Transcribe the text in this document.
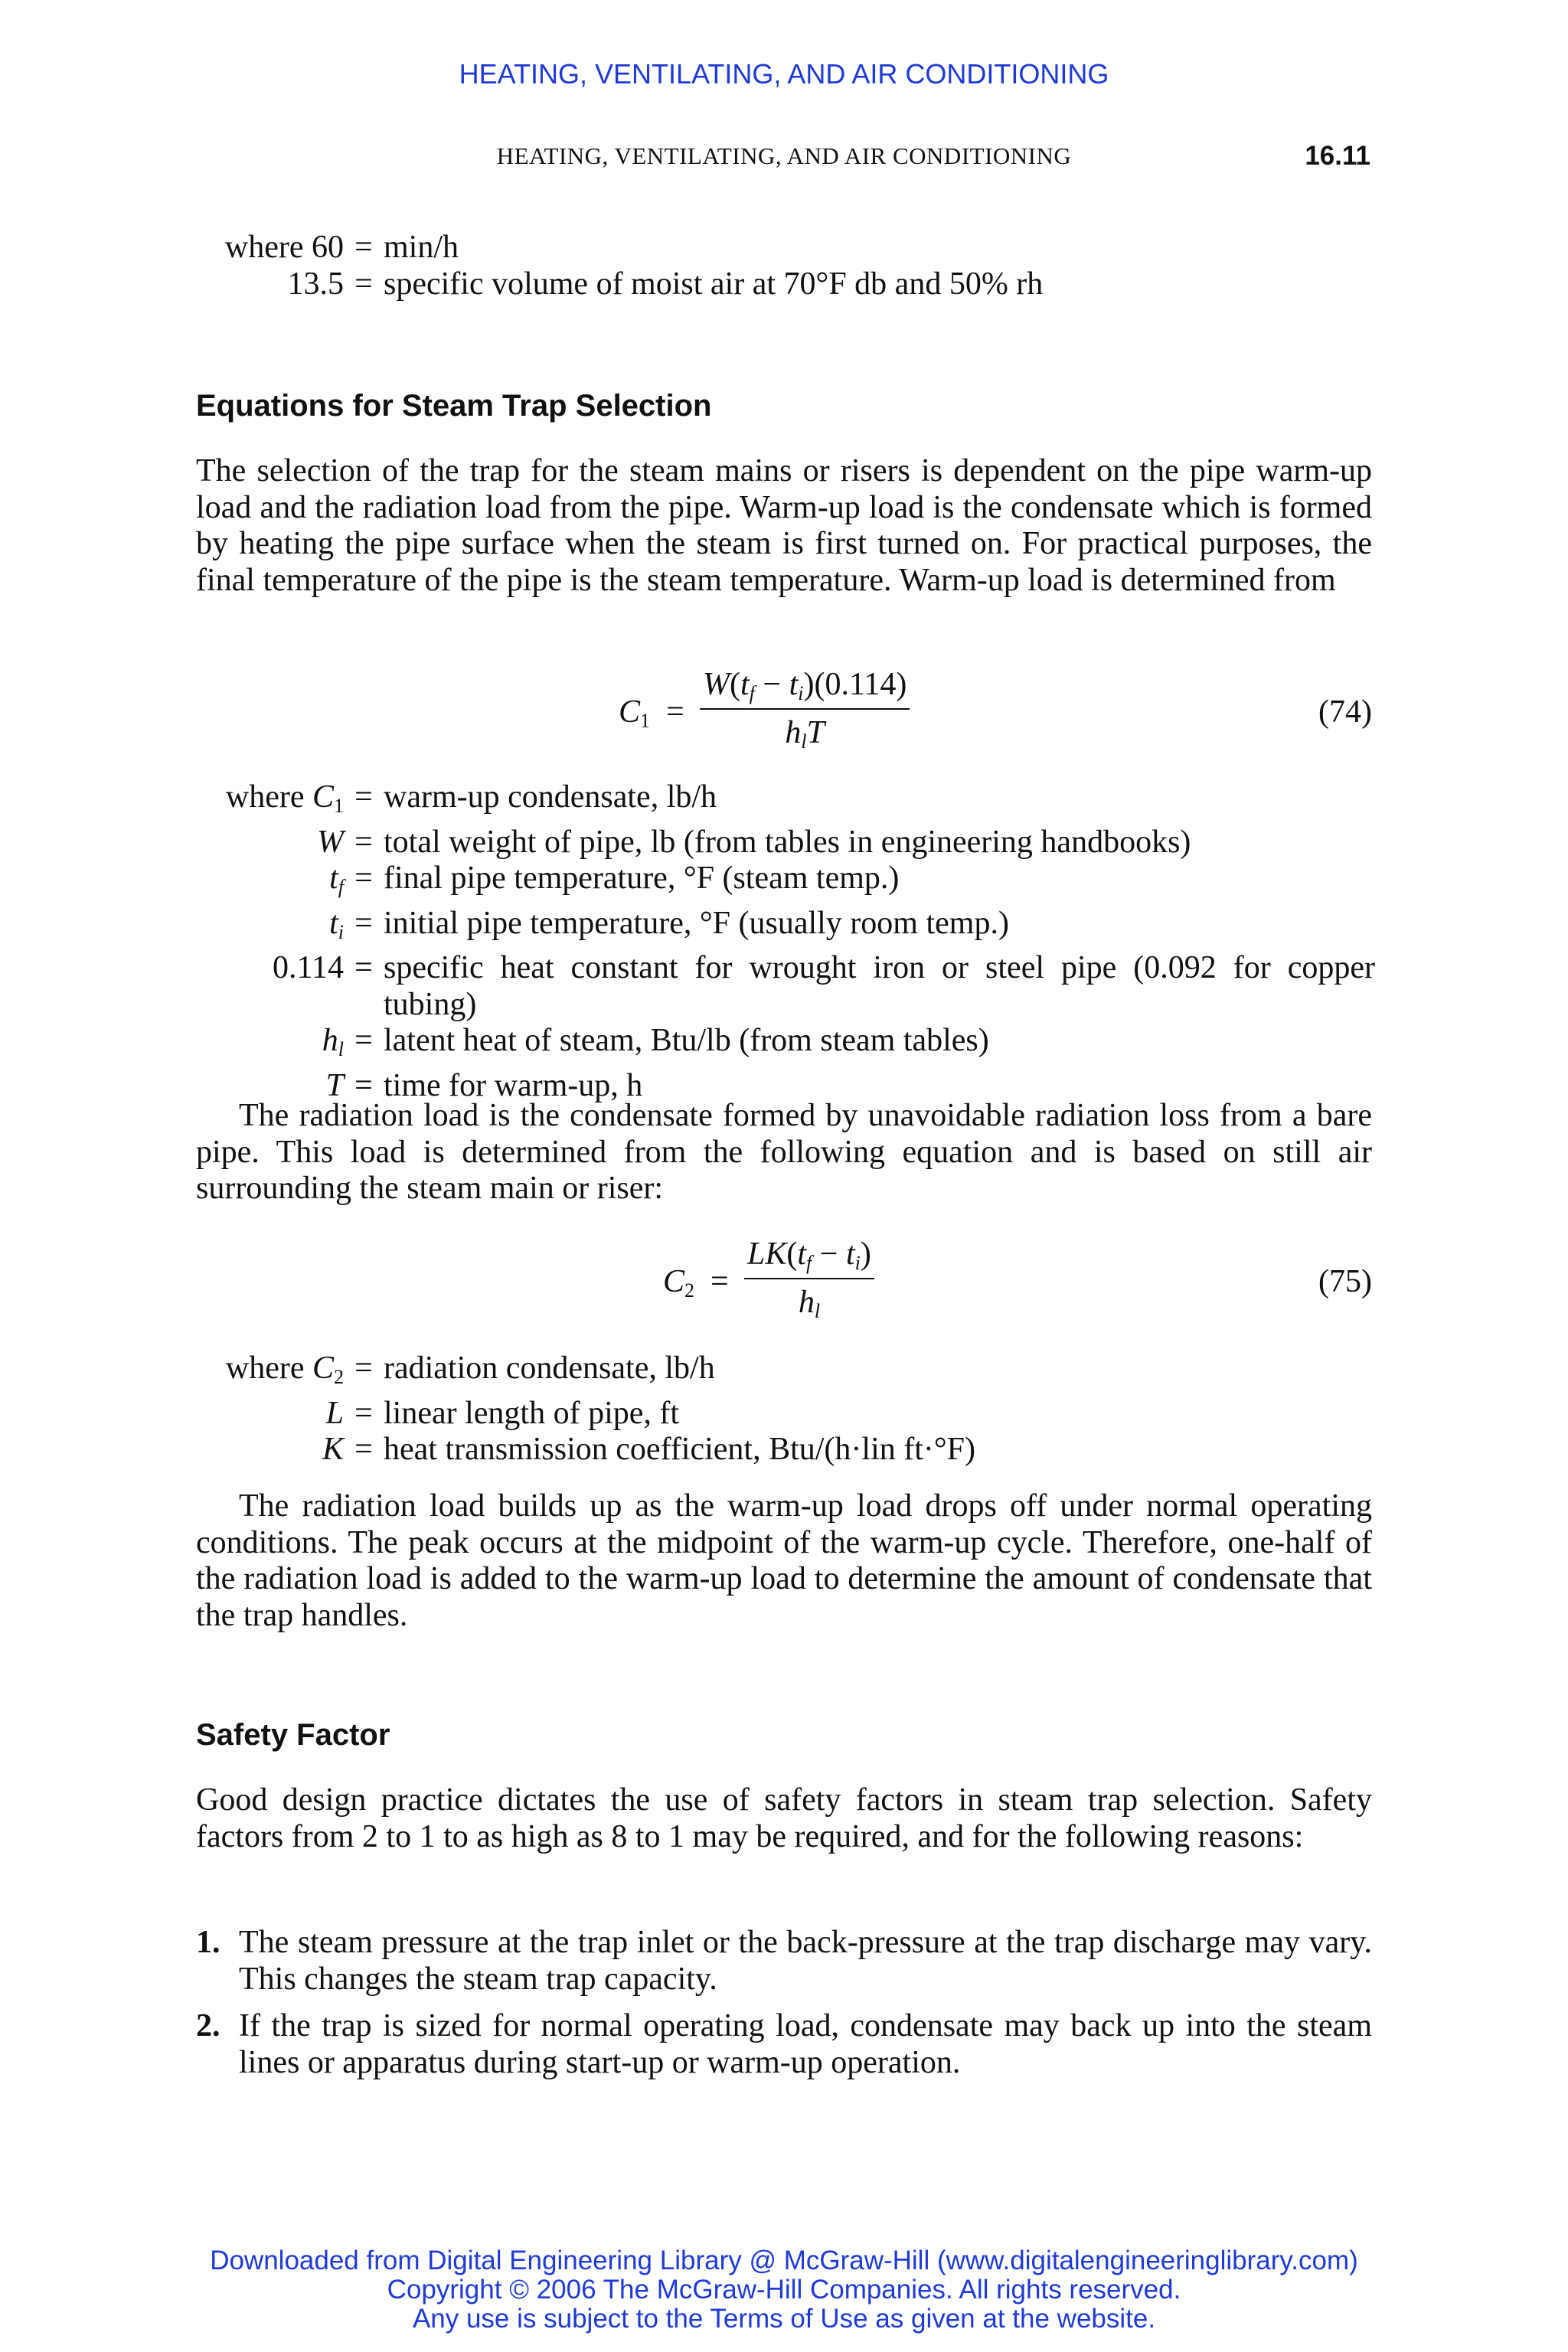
HEATING, VENTILATING, AND AIR CONDITIONING
HEATING, VENTILATING, AND AIR CONDITIONING	16.11
where 60 = min/h
13.5 = specific volume of moist air at 70°F db and 50% rh
Equations for Steam Trap Selection
The selection of the trap for the steam mains or risers is dependent on the pipe warm-up load and the radiation load from the pipe. Warm-up load is the condensate which is formed by heating the pipe surface when the steam is first turned on. For practical purposes, the final temperature of the pipe is the steam temperature. Warm-up load is determined from
$C_1$  =
$W(t_f - t_i)(0.114)$
$h_lT$
(74)
where $C_1$ = warm-up condensate, lb/h
W = total weight of pipe, lb (from tables in engineering handbooks)
$t_f$ = final pipe temperature, °F (steam temp.)
$t_i$ = initial pipe temperature, °F (usually room temp.)
0.114 = specific heat constant for wrought iron or steel pipe (0.092 for copper tubing)
$h_l$ = latent heat of steam, Btu/lb (from steam tables)
T = time for warm-up, h
The radiation load is the condensate formed by unavoidable radiation loss from a bare pipe. This load is determined from the following equation and is based on still air surrounding the steam main or riser:
$C_2 = \frac{LK(t_f - t_i)}{h_l}$	(75)
where $C_2$ = radiation condensate, lb/h
L = linear length of pipe, ft
K = heat transmission coefficient, Btu/(h·lin ft·°F)
The radiation load builds up as the warm-up load drops off under normal operating conditions. The peak occurs at the midpoint of the warm-up cycle. Therefore, one-half of the radiation load is added to the warm-up load to determine the amount of condensate that the trap handles.
Safety Factor
Good design practice dictates the use of safety factors in steam trap selection. Safety factors from 2 to 1 to as high as 8 to 1 may be required, and for the following reasons:
1. The steam pressure at the trap inlet or the back-pressure at the trap discharge may vary. This changes the steam trap capacity.
2. If the trap is sized for normal operating load, condensate may back up into the steam lines or apparatus during start-up or warm-up operation.
Downloaded from Digital Engineering Library @ McGraw-Hill (www.digitalengineeringlibrary.com)
Copyright © 2006 The McGraw-Hill Companies. All rights reserved.
Any use is subject to the Terms of Use as given at the website.
